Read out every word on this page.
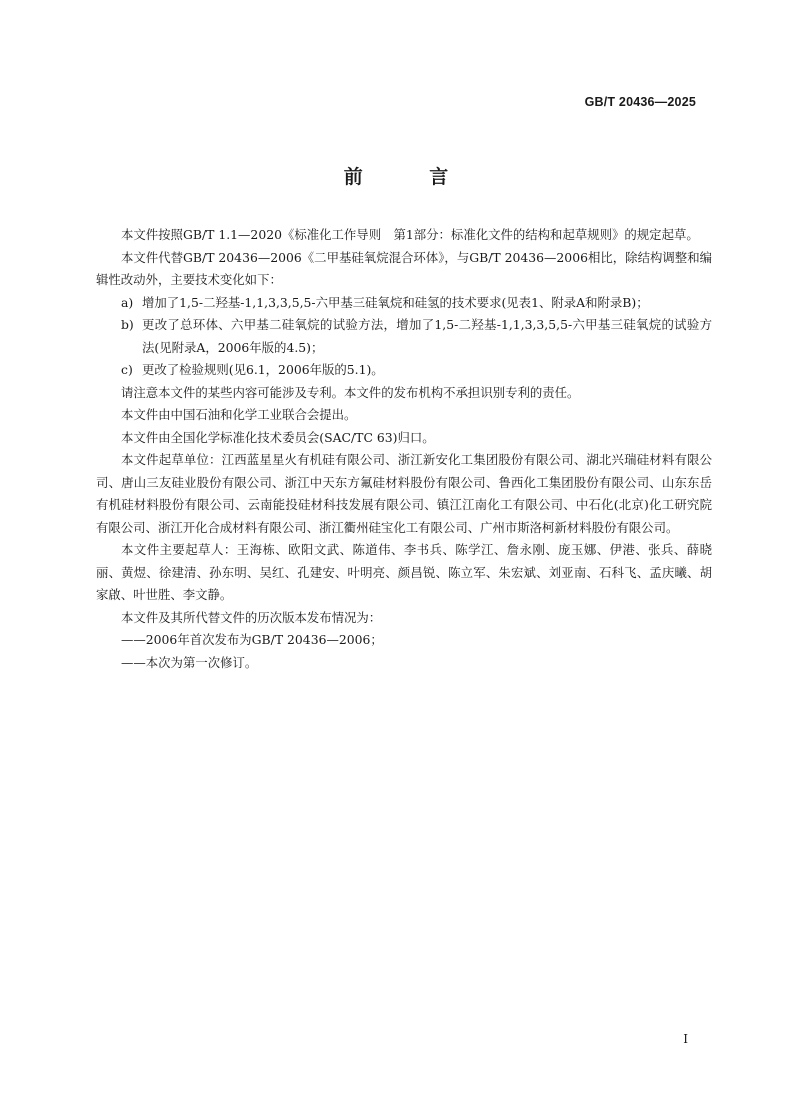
GB/T 20436—2025
前 言

本文件按照GB/T 1.1—2020《标准化工作导则　第1部分：标准化文件的结构和起草规则》的规定起草。

本文件代替GB/T 20436—2006《二甲基硅氧烷混合环体》，与GB/T 20436—2006相比，除结构调整和编辑性改动外，主要技术变化如下：

a) 增加了1,5-二羟基-1,1,3,3,5,5-六甲基三硅氧烷和硅氢的技术要求(见表1、附录A和附录B)；

b) 更改了总环体、六甲基二硅氧烷的试验方法，增加了1,5-二羟基-1,1,3,3,5,5-六甲基三硅氧烷的试验方法(见附录A，2006年版的4.5)；

c) 更改了检验规则(见6.1，2006年版的5.1)。

请注意本文件的某些内容可能涉及专利。本文件的发布机构不承担识别专利的责任。

本文件由中国石油和化学工业联合会提出。

本文件由全国化学标准化技术委员会(SAC/TC 63)归口。

本文件起草单位：江西蓝星星火有机硅有限公司、浙江新安化工集团股份有限公司、湖北兴瑞硅材料有限公司、唐山三友硅业股份有限公司、浙江中天东方氟硅材料股份有限公司、鲁西化工集团股份有限公司、山东东岳有机硅材料股份有限公司、云南能投硅材科技发展有限公司、镇江江南化工有限公司、中石化(北京)化工研究院有限公司、浙江开化合成材料有限公司、浙江衢州硅宝化工有限公司、广州市斯洛柯新材料股份有限公司。

本文件主要起草人：王海栋、欧阳文武、陈道伟、李书兵、陈学江、詹永刚、庞玉娜、伊港、张兵、薛晓丽、黄煜、徐建清、孙东明、吴红、孔建安、叶明亮、颜昌锐、陈立军、朱宏斌、刘亚南、石科飞、孟庆曦、胡家啟、叶世胜、李文静。

本文件及其所代替文件的历次版本发布情况为：

——2006年首次发布为GB/T 20436—2006；

——本次为第一次修订。

I
